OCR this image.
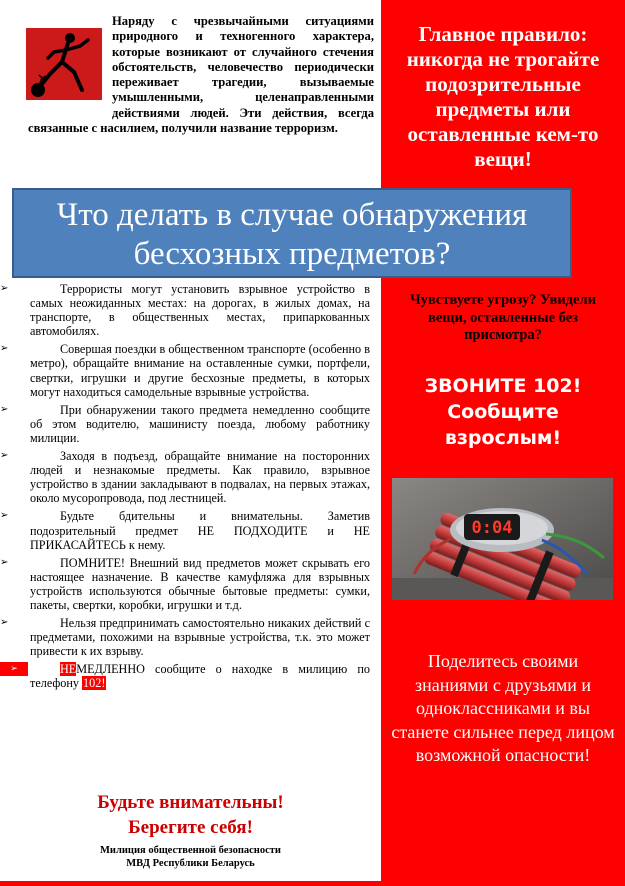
Наряду с чрезвычайными ситуациями природного и техногенного характера, которые возникают от случайного стечения обстоятельств, человечество периодически переживает трагедии, вызываемые умышленными, целенаправленными действиями людей. Эти действия, всегда связанные с насилием, получили название терроризм.

Что делать в случае обнаружения бесхозных предметов?
➢	Террористы могут установить взрывное устройство в самых неожиданных местах: на дорогах, в жилых домах, на транспорте, в общественных местах, припаркованных автомобилях.
➢	Совершая поездки в общественном транспорте (особенно в метро), обращайте внимание на оставленные сумки, портфели, свертки, игрушки и другие бесхозные предметы, в которых могут находиться самодельные взрывные устройства.
➢	При обнаружении такого предмета немедленно сообщите об этом водителю, машинисту поезда, любому работнику милиции.
➢	Заходя в подъезд, обращайте внимание на посторонних людей и незнакомые предметы. Как правило, взрывное устройство в здании закладывают в подвалах, на первых этажах, около мусоропровода, под лестницей.
➢	Будьте бдительны и внимательны. Заметив подозрительный предмет НЕ ПОДХОДИТЕ и НЕ ПРИКАСАЙТЕСЬ к нему.
➢	ПОМНИТЕ! Внешний вид предметов может скрывать его настоящее назначение. В качестве камуфляжа для взрывных устройств используются обычные бытовые предметы: сумки, пакеты, свертки, коробки, игрушки и т.д.
➢	Нельзя предпринимать самостоятельно никаких действий с предметами, похожими на взрывные устройства, т.к. это может привести к их взрыву.
➢	НЕМЕДЛЕННО сообщите о находке в милицию по телефону 102!

Будьте внимательны!
Берегите себя!

Милиция общественной безопасности
МВД Республики Беларусь

Главное правило: никогда не трогайте подозрительные предметы или оставленные кем-то вещи!

Чувствуете угрозу? Увидели вещи, оставленные без присмотра?

ЗВОНИТЕ 102!
Сообщите взрослым!

0:04

Поделитесь своими знаниями с друзьями и одноклассниками и вы станете сильнее перед лицом возможной опасности!
